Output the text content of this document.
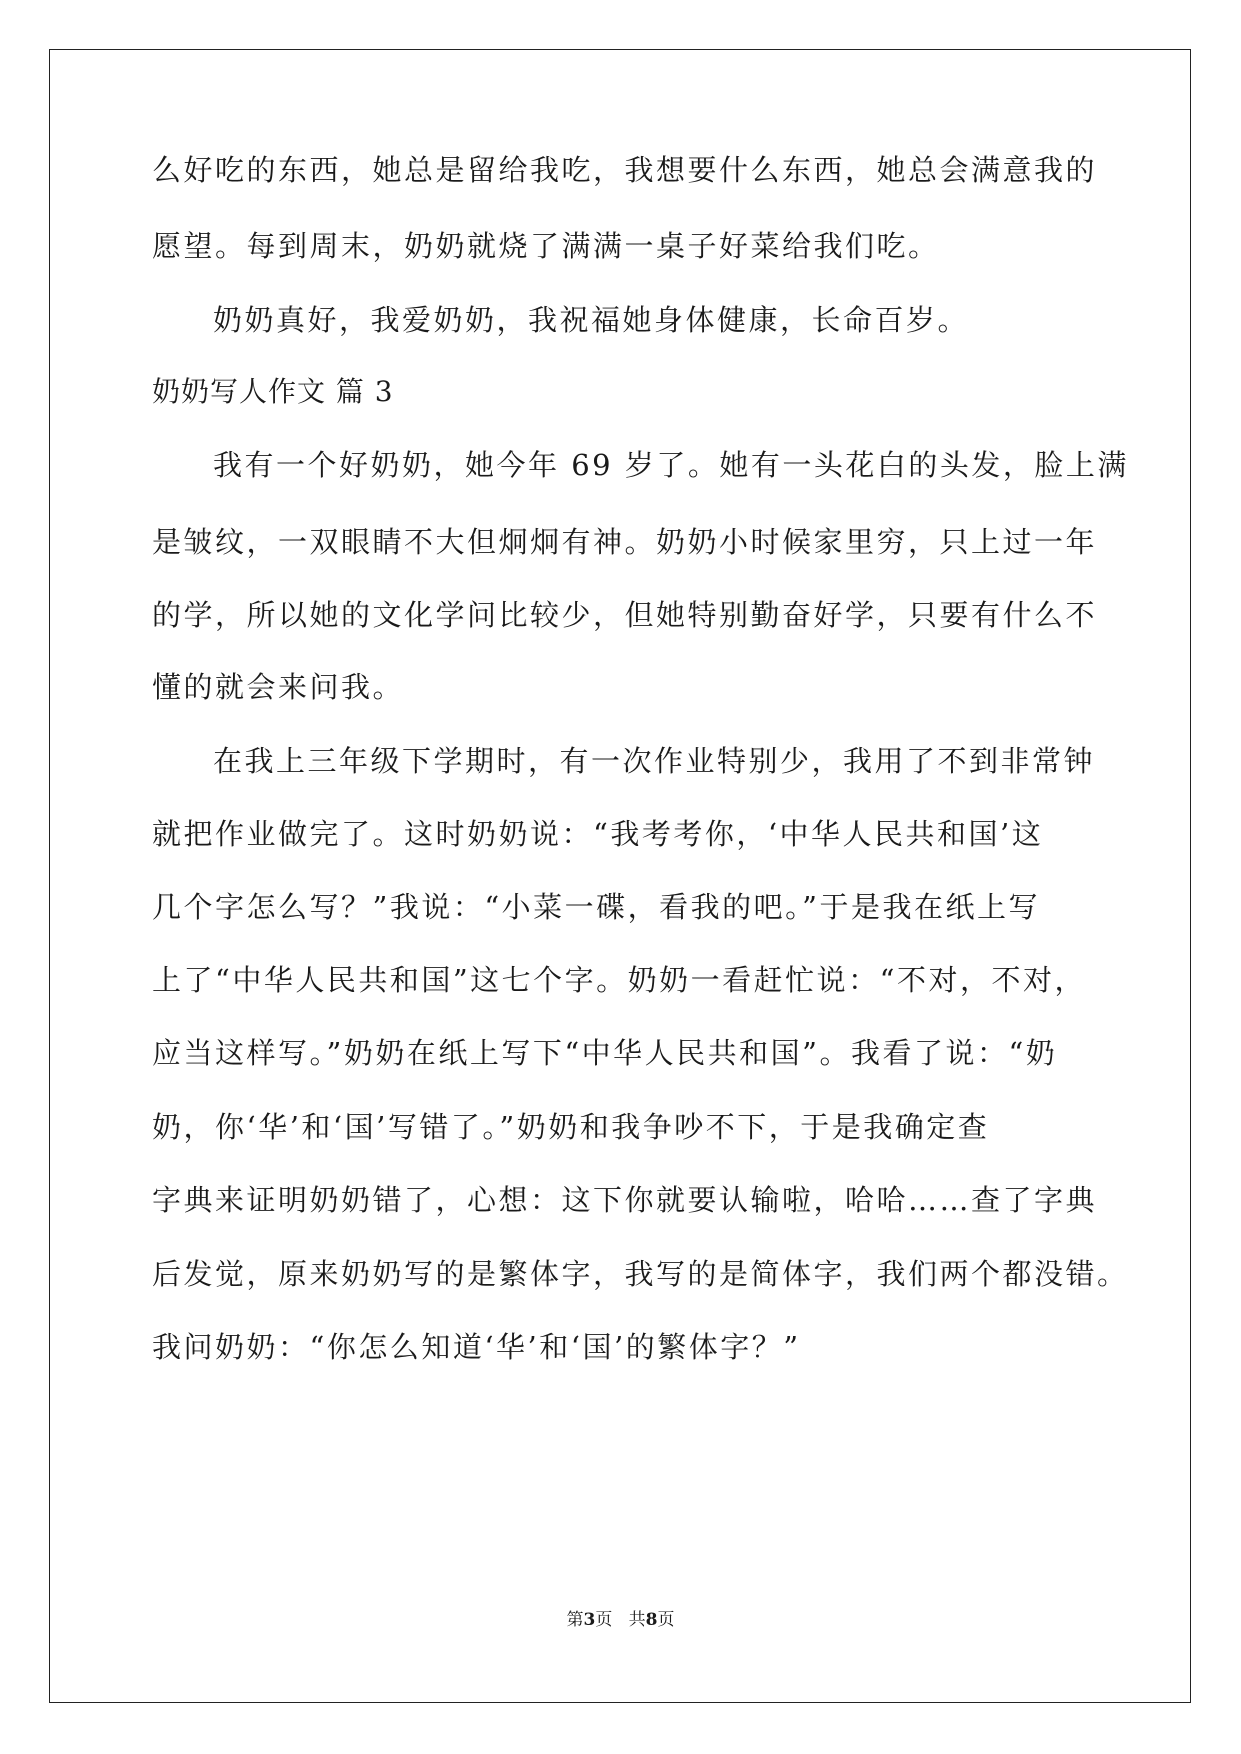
么好吃的东西，她总是留给我吃，我想要什么东西，她总会满意我的

愿望。每到周末，奶奶就烧了满满一桌子好菜给我们吃。

奶奶真好，我爱奶奶，我祝福她身体健康，长命百岁。

奶奶写人作文 篇 3

我有一个好奶奶，她今年 69 岁了。她有一头花白的头发，脸上满

是皱纹，一双眼睛不大但炯炯有神。奶奶小时候家里穷，只上过一年

的学，所以她的文化学问比较少，但她特别勤奋好学，只要有什么不

懂的就会来问我。

在我上三年级下学期时，有一次作业特别少，我用了不到非常钟

就把作业做完了。这时奶奶说：“我考考你，‘中华人民共和国’这

几个字怎么写？”我说：“小菜一碟，看我的吧。”于是我在纸上写

上了“中华人民共和国”这七个字。奶奶一看赶忙说：“不对，不对，

应当这样写。”奶奶在纸上写下“中华人民共和国”。我看了说：“奶

奶，你‘华’和‘国’写错了。”奶奶和我争吵不下，于是我确定查

字典来证明奶奶错了，心想：这下你就要认输啦，哈哈……查了字典

后发觉，原来奶奶写的是繁体字，我写的是简体字，我们两个都没错。

我问奶奶：“你怎么知道‘华’和‘国’的繁体字？”

第3页   共8页
